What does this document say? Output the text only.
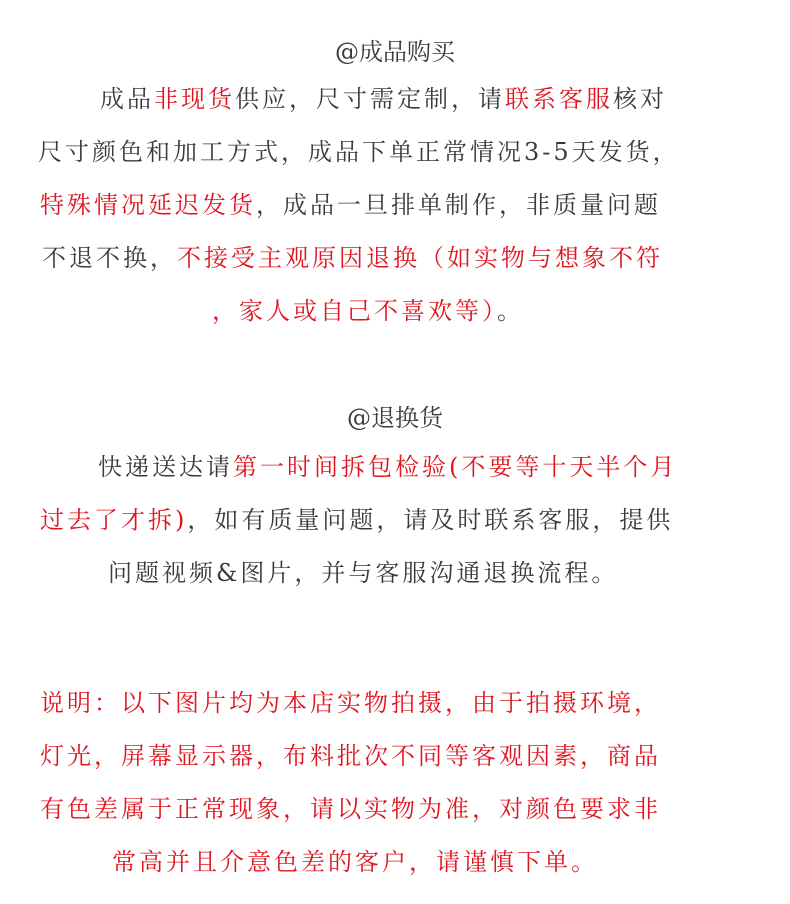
@成品购买
成品非现货供应，尺寸需定制，请联系客服核对
尺寸颜色和加工方式，成品下单正常情况3-5天发货，
特殊情况延迟发货，成品一旦排单制作，非质量问题
不退不换，不接受主观原因退换（如实物与想象不符
，家人或自己不喜欢等）。
@退换货
快递送达请第一时间拆包检验(不要等十天半个月
过去了才拆)，如有质量问题，请及时联系客服，提供
问题视频&图片，并与客服沟通退换流程。
说明：以下图片均为本店实物拍摄，由于拍摄环境，
灯光，屏幕显示器，布料批次不同等客观因素，商品
有色差属于正常现象，请以实物为准，对颜色要求非
常高并且介意色差的客户，请谨慎下单。
